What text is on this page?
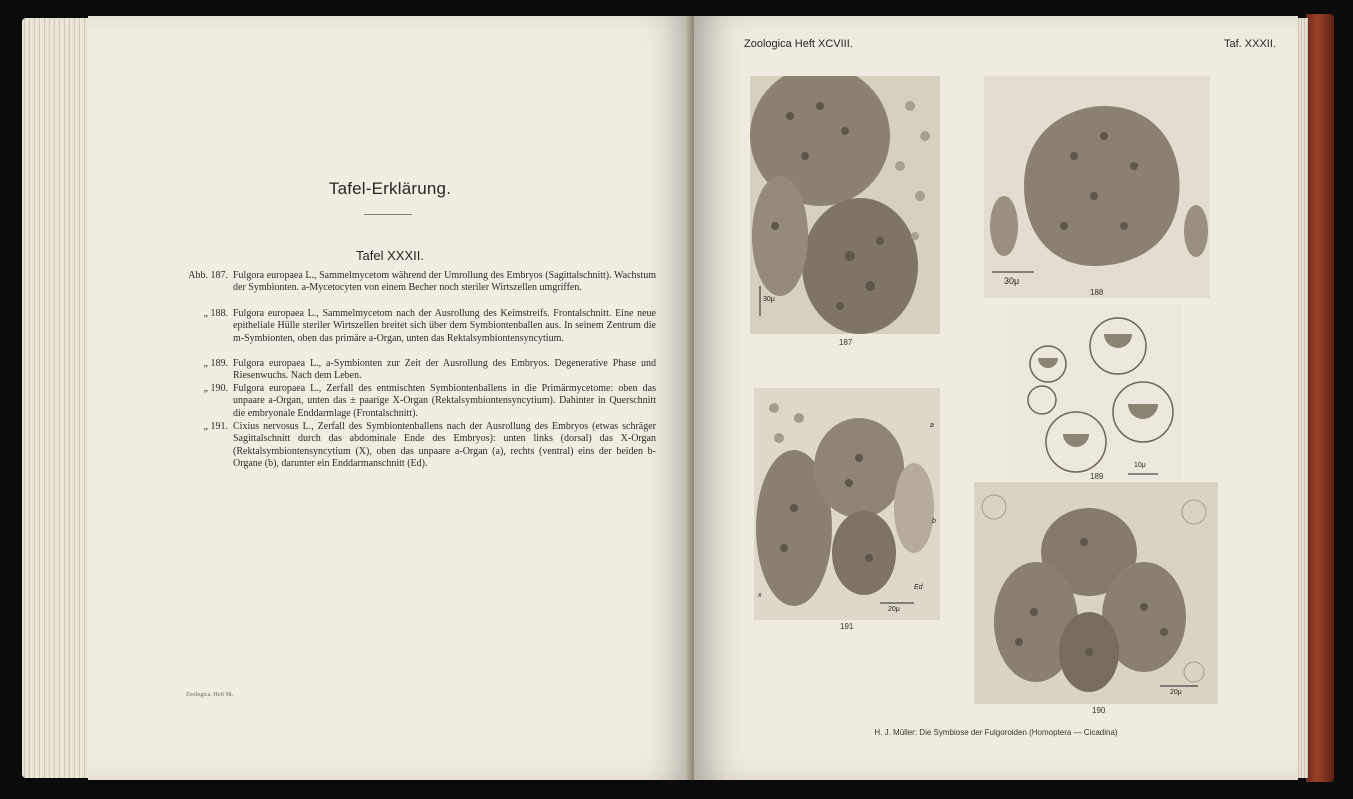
Tafel-Erklärung.
Tafel XXXII.
Abb. 187. Fulgora europaea L., Sammelmycetom während der Umrollung des Embryos (Sagittalschnitt). Wachstum der Symbionten. a-Mycetocyten von einem Becher noch steriler Wirtszellen umgriffen.
„ 188. Fulgora europaea L., Sammelmycetom nach der Ausrollung des Keimstreifs. Frontalschnitt. Eine neue epitheliale Hülle steriler Wirtszellen breitet sich über dem Symbiontenballen aus. In seinem Zentrum die m-Symbionten, oben das primäre a-Organ, unten das Rektalsymbiontensyncytium.
„ 189. Fulgora europaea L., a-Symbionten zur Zeit der Ausrollung des Embryos. Degenerative Phase und Riesenwuchs. Nach dem Leben.
„ 190. Fulgora europaea L., Zerfall des entmischten Symbiontenballens in die Primärmycetome: oben das unpaare a-Organ, unten das ± paarige X-Organ (Rektalsymbiontensyncytium). Dahinter in Querschnitt die embryonale Enddarmlage (Frontalschnitt).
„ 191. Cixius nervosus L., Zerfall des Symbiontenballens nach der Ausrollung des Embryos (etwas schräger Sagittalschnitt durch das abdominale Ende des Embryos): unten links (dorsal) das X-Organ (Rektalsymbiontensyncytium (X), oben das unpaare a-Organ (a), rechts (ventral) eins der beiden b-Organe (b), darunter ein Enddarmanschnitt (Ed).
Zoologica. Heft 98.
Zoologica Heft XCVIII.	Taf. XXXII.
30μ
187
30μ
188
10μ
189
a
b
x
Ed
20μ
191
20μ
190
H. J. Müller: Die Symbiose der Fulgoroiden (Homoptera — Cicadina)
